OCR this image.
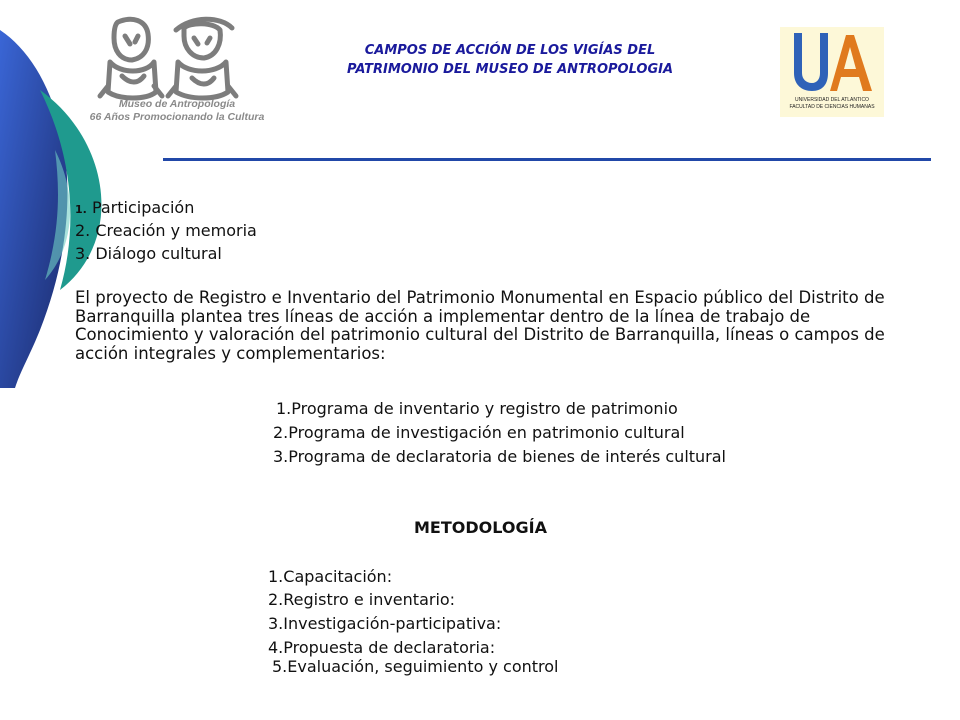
Museo de Antropología
66 Años Promocionando la Cultura
CAMPOS DE ACCIÓN DE LOS VIGÍAS DEL
PATRIMONIO DEL MUSEO DE ANTROPOLOGIA
UNIVERSIDAD DEL ATLANTICO
FACULTAD DE CIENCIAS HUMANAS
1. Participación
2. Creación y memoria
3. Diálogo cultural
El proyecto de Registro e Inventario del Patrimonio Monumental en Espacio público del Distrito de Barranquilla plantea tres líneas de acción a implementar dentro de la línea de trabajo de Conocimiento y valoración del patrimonio cultural del Distrito de Barranquilla, líneas o campos de acción integrales y complementarios:
1.Programa de inventario y registro de patrimonio
2.Programa de investigación en patrimonio cultural
3.Programa de declaratoria de bienes de interés cultural
METODOLOGÍA
1.Capacitación:
2.Registro e inventario:
3.Investigación-participativa:
4.Propuesta de declaratoria:
5.Evaluación, seguimiento y control
